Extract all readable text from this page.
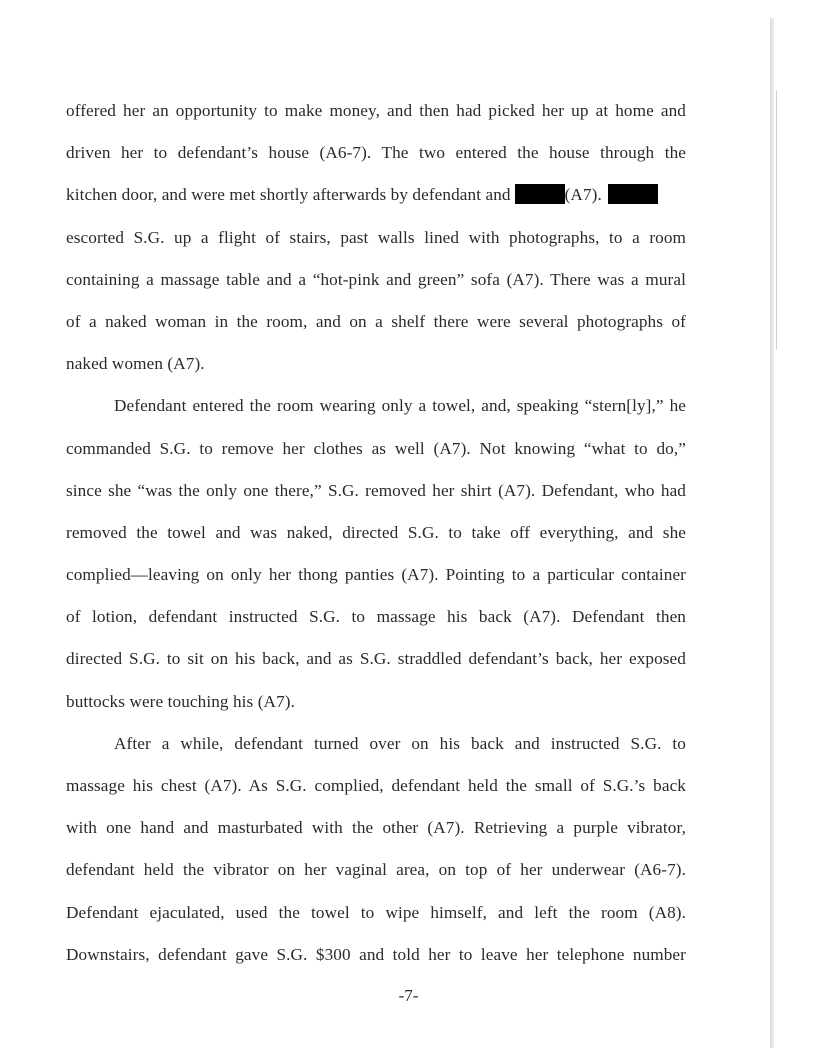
offered her an opportunity to make money, and then had picked her up at home and
driven her to defendant’s house (A6-7). The two entered the house through the
kitchen door, and were met shortly afterwards by defendant and	(A7).
escorted S.G. up a flight of stairs, past walls lined with photographs, to a room
containing a massage table and a “hot-pink and green” sofa (A7). There was a mural
of a naked woman in the room, and on a shelf there were several photographs of
naked women (A7).
Defendant entered the room wearing only a towel, and, speaking “stern[ly],” he
commanded S.G. to remove her clothes as well (A7). Not knowing “what to do,”
since she “was the only one there,” S.G. removed her shirt (A7). Defendant, who had
removed the towel and was naked, directed S.G. to take off everything, and she
complied—leaving on only her thong panties (A7). Pointing to a particular container
of lotion, defendant instructed S.G. to massage his back (A7). Defendant then
directed S.G. to sit on his back, and as S.G. straddled defendant’s back, her exposed
buttocks were touching his (A7).
After a while, defendant turned over on his back and instructed S.G. to
massage his chest (A7). As S.G. complied, defendant held the small of S.G.’s back
with one hand and masturbated with the other (A7). Retrieving a purple vibrator,
defendant held the vibrator on her vaginal area, on top of her underwear (A6-7).
Defendant ejaculated, used the towel to wipe himself, and left the room (A8).
Downstairs, defendant gave S.G. $300 and told her to leave her telephone number
-7-
